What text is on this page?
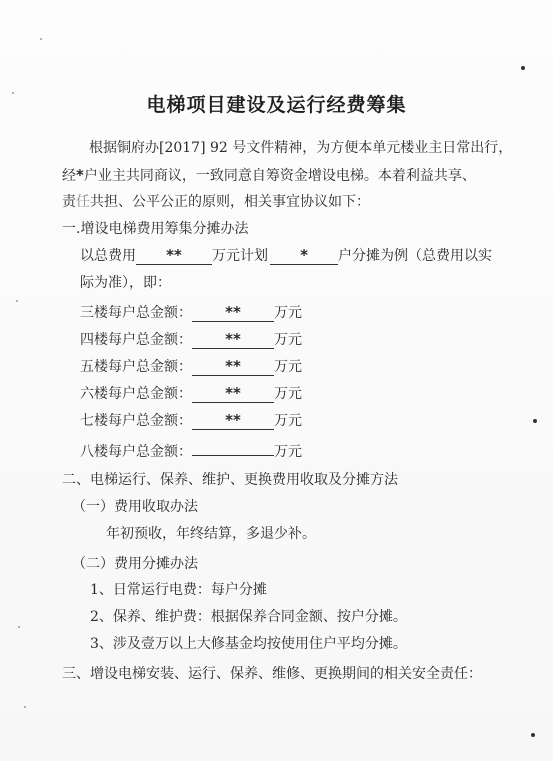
电梯项目建设及运行经费筹集
根据铜府办[2017] 92 号文件精神，为方便本单元楼业主日常出行，
经*户业主共同商议，一致同意自筹资金增设电梯。本着利益共享、
责任共担、公平公正的原则，相关事宜协议如下：
一.增设电梯费用筹集分摊办法
以总费用 ** 万元计划 * 户分摊为例（总费用以实
际为准），即：
三楼每户总金额： ** 万元
四楼每户总金额： ** 万元
五楼每户总金额： ** 万元
六楼每户总金额： ** 万元
七楼每户总金额： ** 万元
八楼每户总金额：	万元
二、电梯运行、保养、维护、更换费用收取及分摊方法
（一）费用收取办法
年初预收，年终结算，多退少补。
（二）费用分摊办法
1、日常运行电费：每户分摊
2、保养、维护费：根据保养合同金额、按户分摊。
3、涉及壹万以上大修基金均按使用住户平均分摊。
三、增设电梯安装、运行、保养、维修、更换期间的相关安全责任：
